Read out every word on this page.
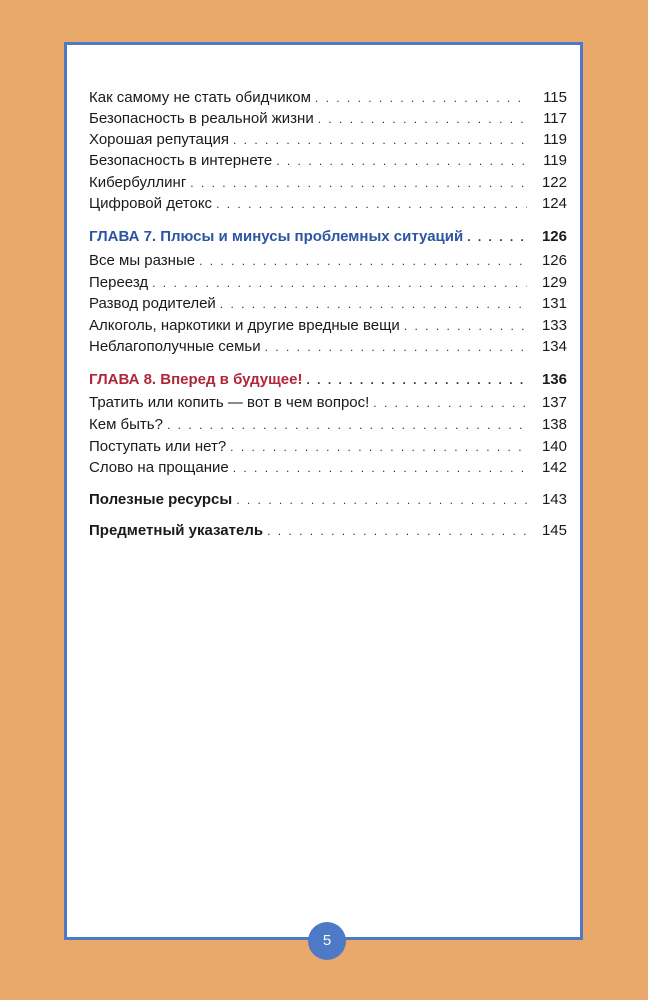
Как самому не стать обидчиком . . .	115
Безопасность в реальной жизни . . .	117
Хорошая репутация . . .	119
Безопасность в интернете . . .	119
Кибербуллинг . . .	122
Цифровой детокс . . .	124
ГЛАВА 7. Плюсы и минусы проблемных ситуаций . . .	126
Все мы разные . . .	126
Переезд . . .	129
Развод родителей . . .	131
Алкоголь, наркотики и другие вредные вещи . . .	133
Неблагополучные семьи . . .	134
ГЛАВА 8. Вперед в будущее! . . .	136
Тратить или копить — вот в чем вопрос! . . .	137
Кем быть? . . .	138
Поступать или нет? . . .	140
Слово на прощание . . .	142
Полезные ресурсы . . .	143
Предметный указатель . . .	145
5
